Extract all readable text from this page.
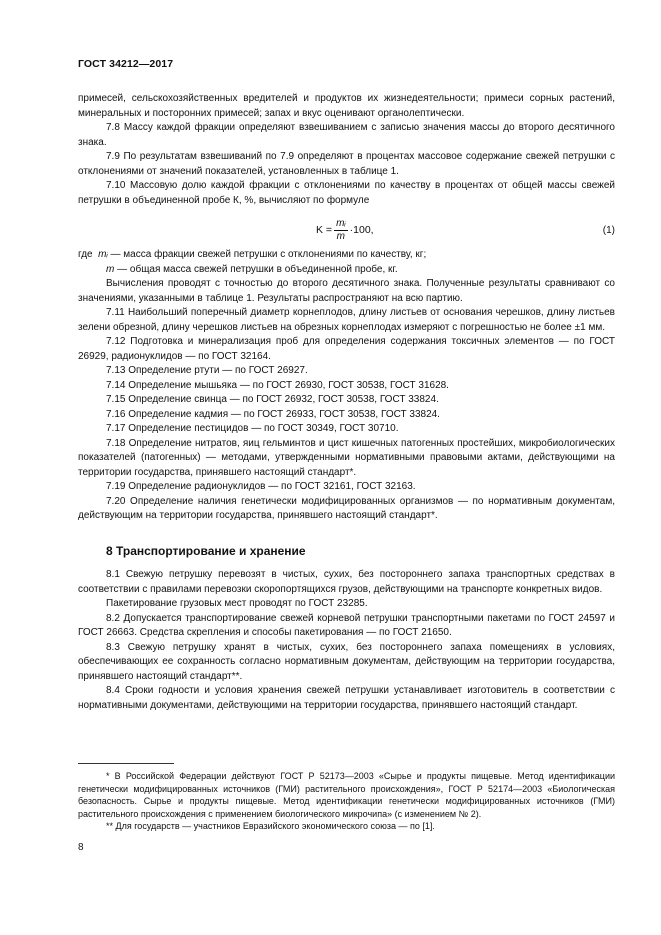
ГОСТ 34212—2017

примесей, сельскохозяйственных вредителей и продуктов их жизнедеятельности; примеси сорных растений, минеральных и посторонних примесей; запах и вкус оценивают органолептически.

7.8 Массу каждой фракции определяют взвешиванием с записью значения массы до второго десятичного знака.

7.9 По результатам взвешиваний по 7.9 определяют в процентах массовое содержание свежей петрушки с отклонениями от значений показателей, установленных в таблице 1.

7.10 Массовую долю каждой фракции с отклонениями по качеству в процентах от общей массы свежей петрушки в объединенной пробе К, %, вычисляют по формуле

$K = \frac{\text{mᵢ}}{m} \cdot 100$,	(1)

где mᵢ — масса фракции свежей петрушки с отклонениями по качеству, кг;

m — общая масса свежей петрушки в объединенной пробе, кг.

Вычисления проводят с точностью до второго десятичного знака. Полученные результаты сравнивают со значениями, указанными в таблице 1. Результаты распространяют на всю партию.

7.11 Наибольший поперечный диаметр корнеплодов, длину листьев от основания черешков, длину листьев зелени обрезной, длину черешков листьев на обрезных корнеплодах измеряют с погрешностью не более ±1 мм.

7.12 Подготовка и минерализация проб для определения содержания токсичных элементов — по ГОСТ 26929, радионуклидов — по ГОСТ 32164.

7.13 Определение ртути — по ГОСТ 26927.

7.14 Определение мышьяка — по ГОСТ 26930, ГОСТ 30538, ГОСТ 31628.

7.15 Определение свинца — по ГОСТ 26932, ГОСТ 30538, ГОСТ 33824.

7.16 Определение кадмия — по ГОСТ 26933, ГОСТ 30538, ГОСТ 33824.

7.17 Определение пестицидов — по ГОСТ 30349, ГОСТ 30710.

7.18 Определение нитратов, яиц гельминтов и цист кишечных патогенных простейших, микробиологических показателей (патогенных) — методами, утвержденными нормативными правовыми актами, действующими на территории государства, принявшего настоящий стандарт*.

7.19 Определение радионуклидов — по ГОСТ 32161, ГОСТ 32163.

7.20 Определение наличия генетически модифицированных организмов — по нормативным документам, действующим на территории государства, принявшего настоящий стандарт*.

8 Транспортирование и хранение

8.1 Свежую петрушку перевозят в чистых, сухих, без постороннего запаха транспортных средствах в соответствии с правилами перевозки скоропортящихся грузов, действующими на транспорте конкретных видов.

Пакетирование грузовых мест проводят по ГОСТ 23285.

8.2 Допускается транспортирование свежей корневой петрушки транспортными пакетами по ГОСТ 24597 и ГОСТ 26663. Средства скрепления и способы пакетирования — по ГОСТ 21650.

8.3 Свежую петрушку хранят в чистых, сухих, без постороннего запаха помещениях в условиях, обеспечивающих ее сохранность согласно нормативным документам, действующим на территории государства, принявшего настоящий стандарт**.

8.4 Сроки годности и условия хранения свежей петрушки устанавливает изготовитель в соответствии с нормативными документами, действующими на территории государства, принявшего настоящий стандарт.

* В Российской Федерации действуют ГОСТ Р 52173—2003 «Сырье и продукты пищевые. Метод идентификации генетически модифицированных источников (ГМИ) растительного происхождения», ГОСТ Р 52174—2003 «Биологическая безопасность. Сырье и продукты пищевые. Метод идентификации генетически модифицированных источников (ГМИ) растительного происхождения с применением биологического микрочипа» (с изменением № 2).

** Для государств — участников Евразийского экономического союза — по [1].

8
